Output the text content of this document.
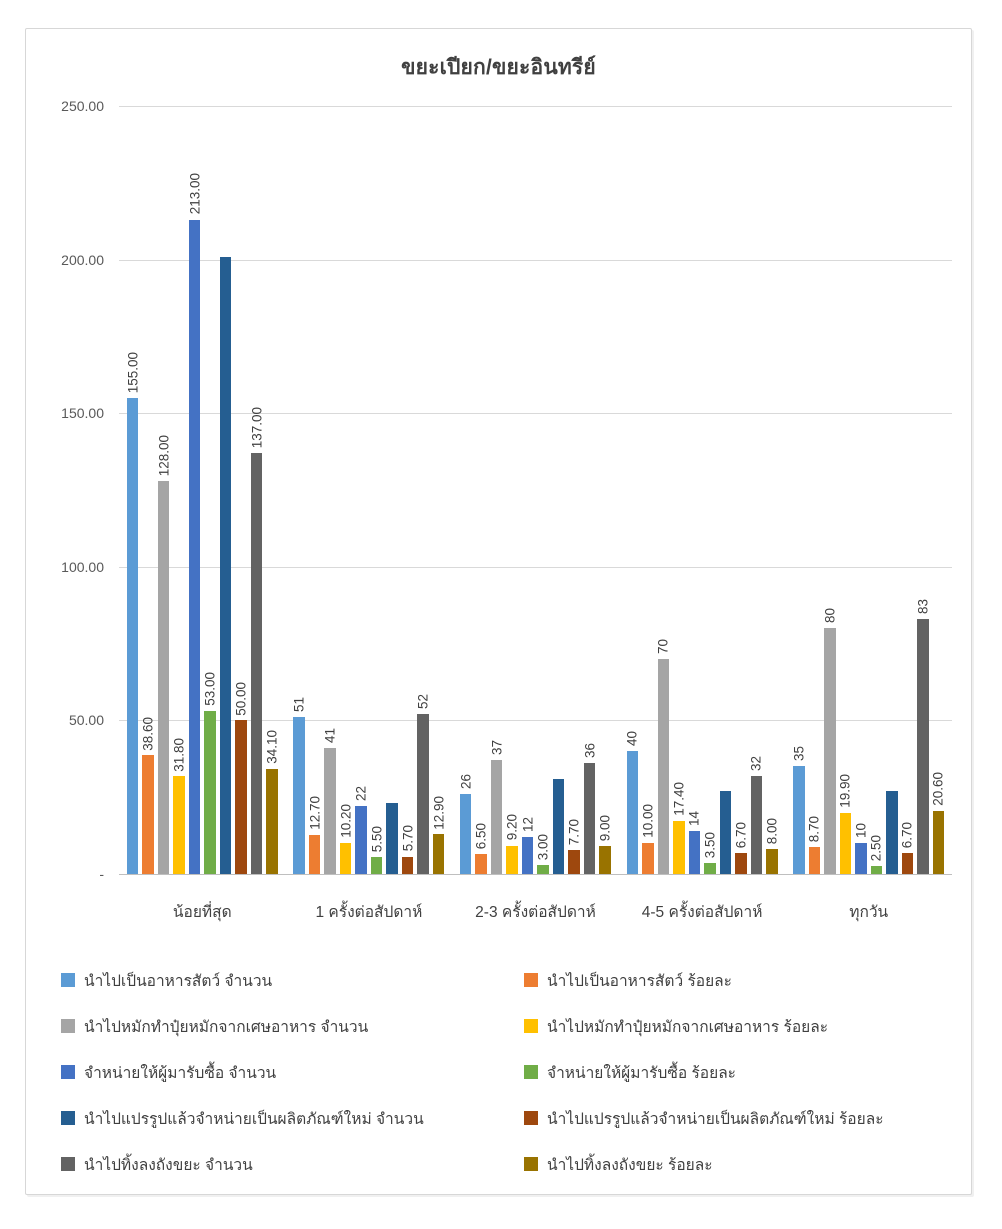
ขยะเปียก/ขยะอินทรีย์
250.00
200.00
150.00
100.00
50.00
-
155.00
38.60
128.00
31.80
213.00
53.00 50.00
137.00
34.10
51
12.70
41
10.20
22
5.50 5.70
52
12.90
26
6.50
37
9.20 12
3.00
7.70
36
9.00
40
10.00
70
17.40
14
3.50 6.70
32
8.00
35
8.70
80
19.90
10
2.50 6.70
83
20.60
น้อยที่สุด	1 ครั้งต่อสัปดาห์	2-3 ครั้งต่อสัปดาห์	4-5 ครั้งต่อสัปดาห์	ทุกวัน
นำไปเป็นอาหารสัตว์ จำนวน	นำไปเป็นอาหารสัตว์ ร้อยละ
นำไปหมักทำปุ๋ยหมักจากเศษอาหาร จำนวน	นำไปหมักทำปุ๋ยหมักจากเศษอาหาร ร้อยละ
จำหน่ายให้ผู้มารับซื้อ จำนวน	จำหน่ายให้ผู้มารับซื้อ ร้อยละ
นำไปแปรรูปแล้วจำหน่ายเป็นผลิตภัณฑ์ใหม่ จำนวน	นำไปแปรรูปแล้วจำหน่ายเป็นผลิตภัณฑ์ใหม่ ร้อยละ
นำไปทิ้งลงถังขยะ จำนวน	นำไปทิ้งลงถังขยะ ร้อยละ
